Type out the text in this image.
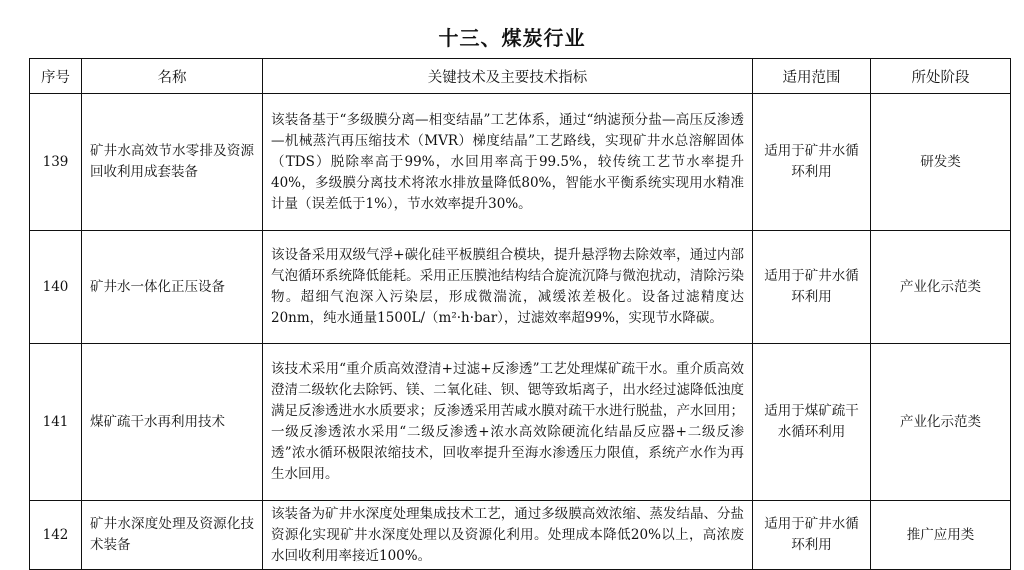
十三、煤炭行业
序号	名称	关键技术及主要技术指标	适用范围	所处阶段
139	矿井水高效节水零排及资源回收利用成套装备	该装备基于“多级膜分离—相变结晶”工艺体系，通过“纳滤预分盐—高压反渗透—机械蒸汽再压缩技术（MVR）梯度结晶”工艺路线，实现矿井水总溶解固体（TDS）脱除率高于99%，水回用率高于99.5%，较传统工艺节水率提升40%，多级膜分离技术将浓水排放量降低80%，智能水平衡系统实现用水精准计量（误差低于1%），节水效率提升30%。	适用于矿井水循环利用	研发类
140	矿井水一体化正压设备	该设备采用双级气浮+碳化硅平板膜组合模块，提升悬浮物去除效率，通过内部气泡循环系统降低能耗。采用正压膜池结构结合旋流沉降与微泡扰动，清除污染物。超细气泡深入污染层，形成微湍流，减缓浓差极化。设备过滤精度达20nm，纯水通量1500L/（m²·h·bar），过滤效率超99%，实现节水降碳。	适用于矿井水循环利用	产业化示范类
141	煤矿疏干水再利用技术	该技术采用“重介质高效澄清+过滤+反渗透”工艺处理煤矿疏干水。重介质高效澄清二级软化去除钙、镁、二氧化硅、钡、锶等致垢离子，出水经过滤降低浊度满足反渗透进水水质要求；反渗透采用苦咸水膜对疏干水进行脱盐，产水回用；一级反渗透浓水采用“二级反渗透+浓水高效除硬流化结晶反应器+二级反渗透”浓水循环极限浓缩技术，回收率提升至海水渗透压力限值，系统产水作为再生水回用。	适用于煤矿疏干水循环利用	产业化示范类
142	矿井水深度处理及资源化技术装备	该装备为矿井水深度处理集成技术工艺，通过多级膜高效浓缩、蒸发结晶、分盐资源化实现矿井水深度处理以及资源化利用。处理成本降低20%以上，高浓废水回收利用率接近100%。	适用于矿井水循环利用	推广应用类
